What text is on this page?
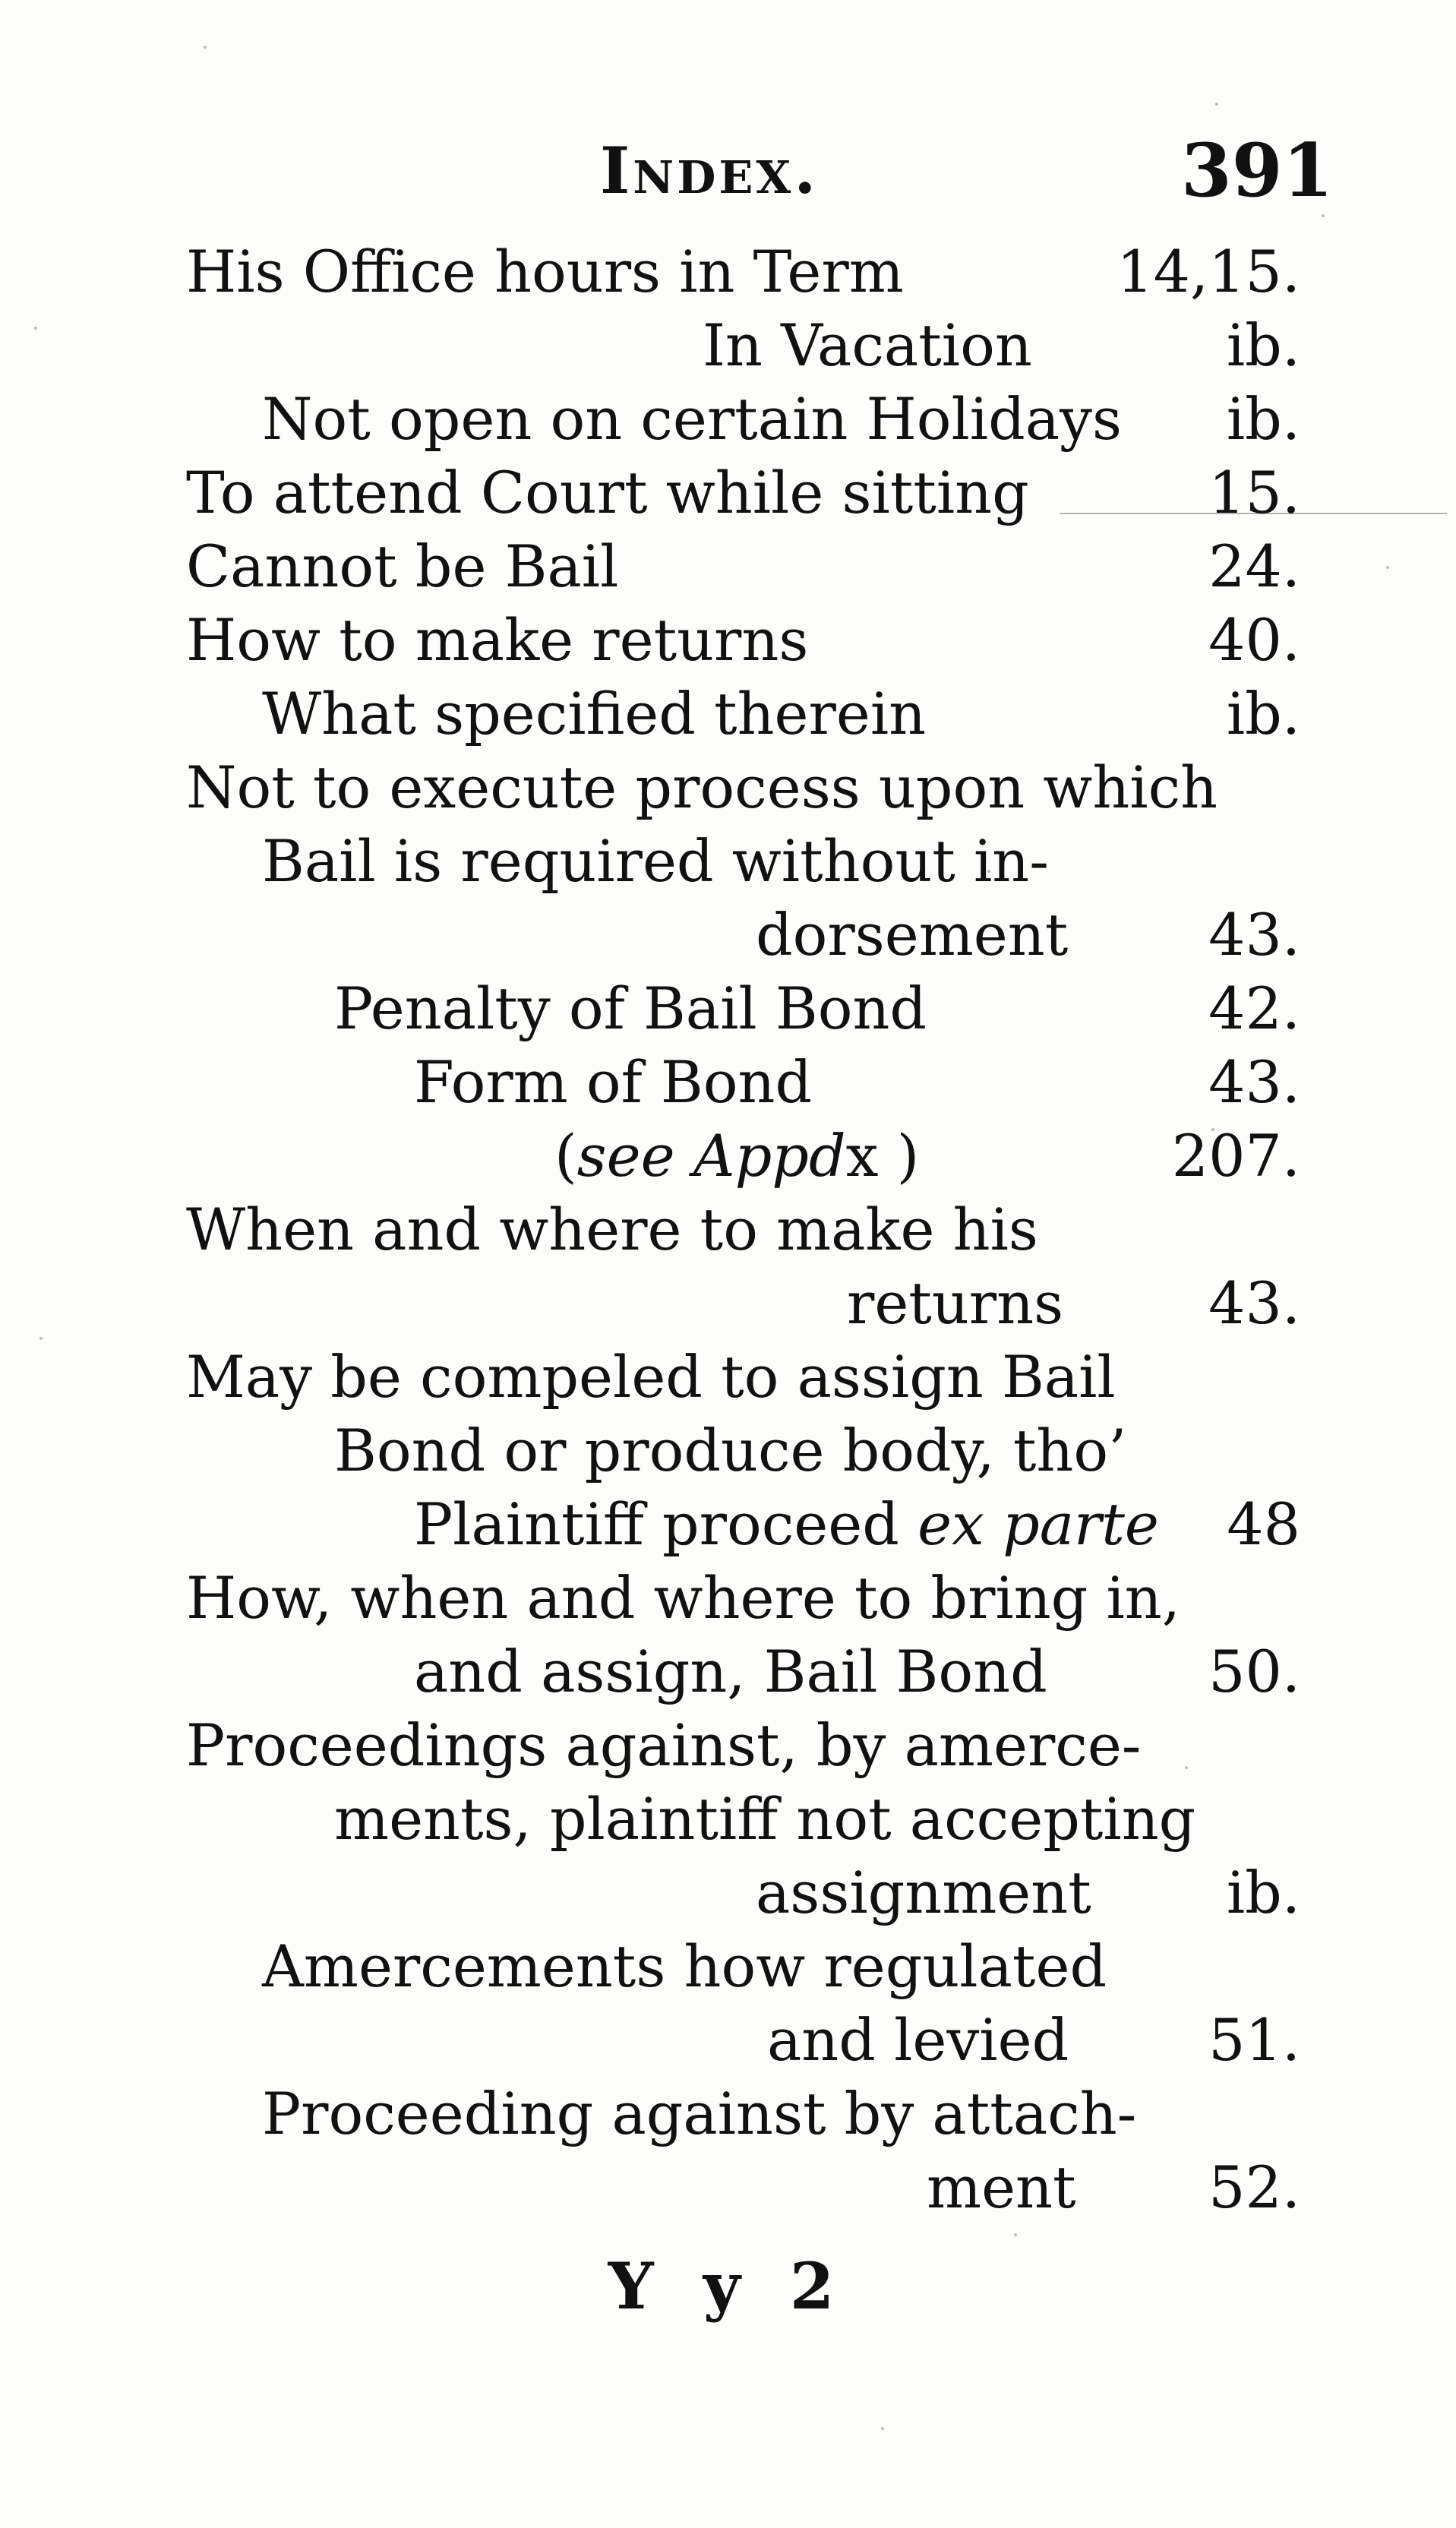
Index.	391
His Office hours in Term	14,15.
In Vacation	ib.
Not open on certain Holidays ib.
To attend Court while sitting	15.
Cannot be Bail	24.
How to make returns	40.
What specified therein	ib.
Not to execute process upon which
Bail is required without in-
dorsement 43.
Penalty of Bail Bond	42.
Form of Bond	43.
(see Appdx )	207.
When and where to make his
returns	43.
May be compeled to assign Bail
Bond or produce body, tho’
Plaintiff proceed ex parte 48
How, when and where to bring in,
and assign, Bail Bond	50.
Proceedings against, by amerce-
ments, plaintiff not accepting
assignment ib.
Amercements how regulated
and levied 51.
Proceeding against by attach-
ment 52.
Y y 2
